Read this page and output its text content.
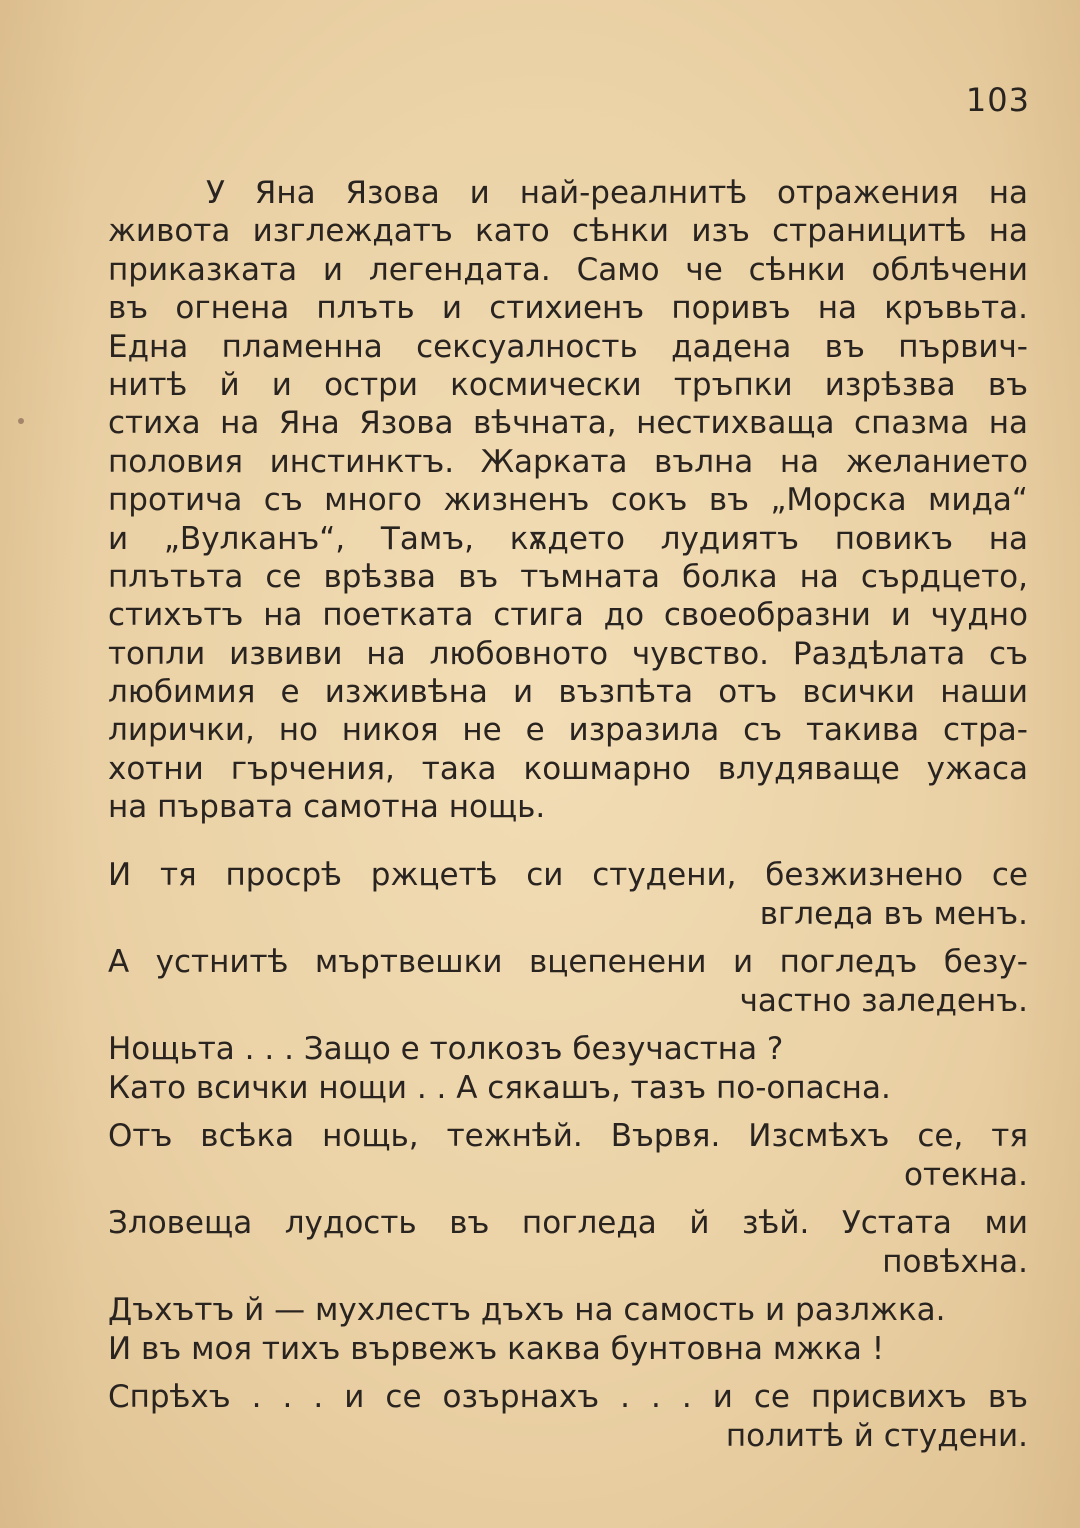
103
У Яна Язова и най-реалнитѣ отражения на
живота изглеждатъ като сѣнки изъ страницитѣ на
приказката и легендата. Само че сѣнки облѣчени
въ огнена плъть и стихиенъ поривъ на кръвьта.
Една пламенна сексуалность дадена въ първич-
нитѣ й и остри космически тръпки изрѣзва въ
стиха на Яна Язова вѣчната, нестихваща спазма на
половия инстинктъ. Жарката вълна на желанието
протича съ много жизненъ сокъ въ „Морска мида“
и „Вулканъ“, Тамъ, кѫдето лудиятъ повикъ на
плътьта се врѣзва въ тъмната болка на сърдцето,
стихътъ на поетката стига до своеобразни и чудно
топли извиви на любовното чувство. Раздѣлата съ
любимия е изживѣна и възпѣта отъ всички наши
лирички, но никоя не е изразила съ такива стра-
хотни гърчения, така кошмарно влудяваще ужаса
на първата самотна нощь.
И тя просрѣ ржцетѣ си студени, безжизнено се
вгледа въ менъ.
А устнитѣ мъртвешки вцепенени и погледъ безу-
частно заледенъ.
Нощьта . . . Защо е толкозъ безучастна ?
Като всички нощи . . А сякашъ, тазъ по-опасна.
Отъ всѣка нощь, тежнѣй. Вървя. Изсмѣхъ се, тя
отекна.
Зловеща лудость въ погледа й зѣй. Устата ми
повѣхна.
Дъхътъ й — мухлестъ дъхъ на самость и разлжка.
И въ моя тихъ вървежъ каква бунтовна мжка !
Спрѣхъ . . . и се озърнахъ . . . и се присвихъ въ
политѣ й студени.
